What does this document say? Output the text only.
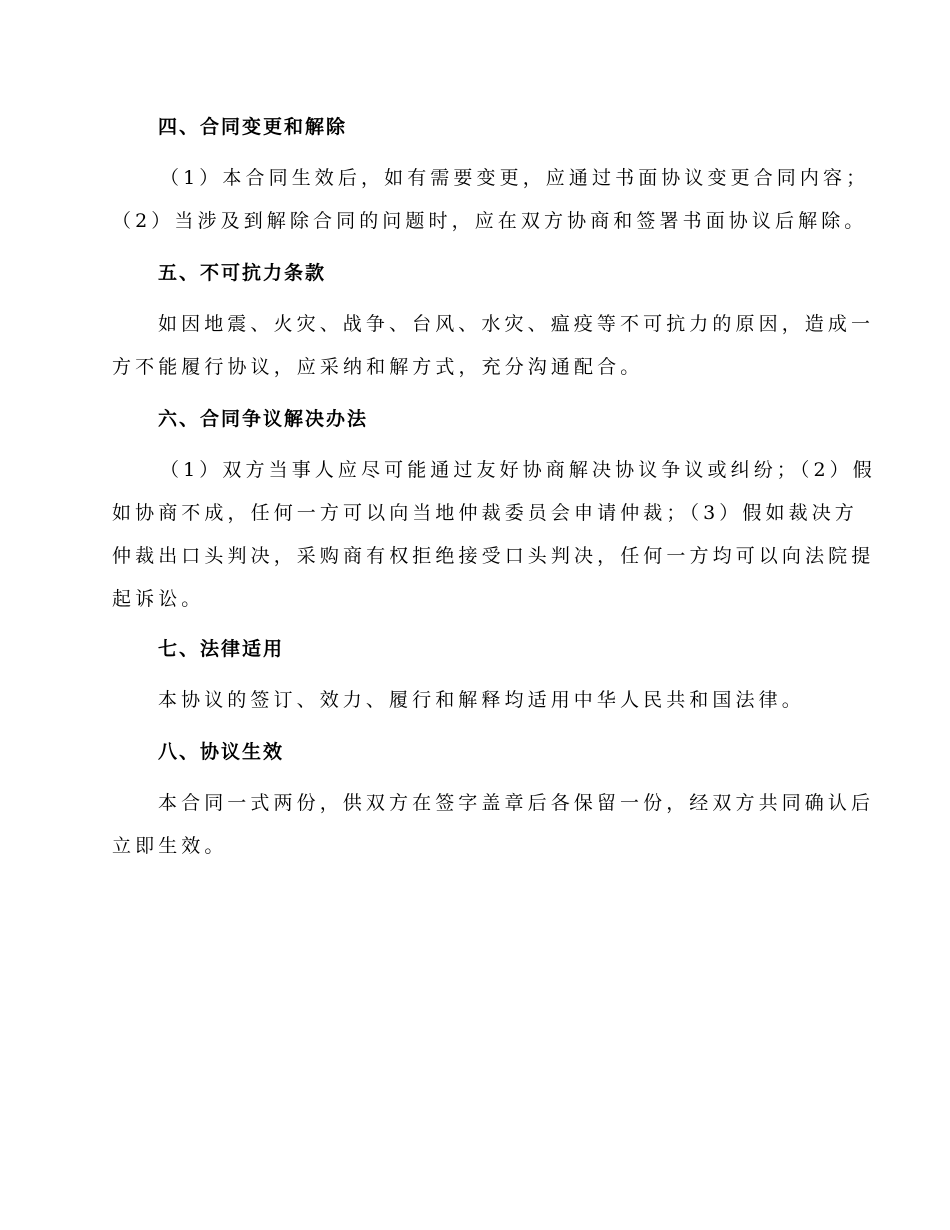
四、合同变更和解除
（1）本合同生效后，如有需要变更，应通过书面协议变更合同内容；
（2）当涉及到解除合同的问题时，应在双方协商和签署书面协议后解除。
五、不可抗力条款
如因地震、火灾、战争、台风、水灾、瘟疫等不可抗力的原因，造成一
方不能履行协议，应采纳和解方式，充分沟通配合。
六、合同争议解决办法
（1）双方当事人应尽可能通过友好协商解决协议争议或纠纷；（2）假
如协商不成，任何一方可以向当地仲裁委员会申请仲裁；（3）假如裁决方
仲裁出口头判决，采购商有权拒绝接受口头判决，任何一方均可以向法院提
起诉讼。
七、法律适用
本协议的签订、效力、履行和解释均适用中华人民共和国法律。
八、协议生效
本合同一式两份，供双方在签字盖章后各保留一份，经双方共同确认后
立即生效。
